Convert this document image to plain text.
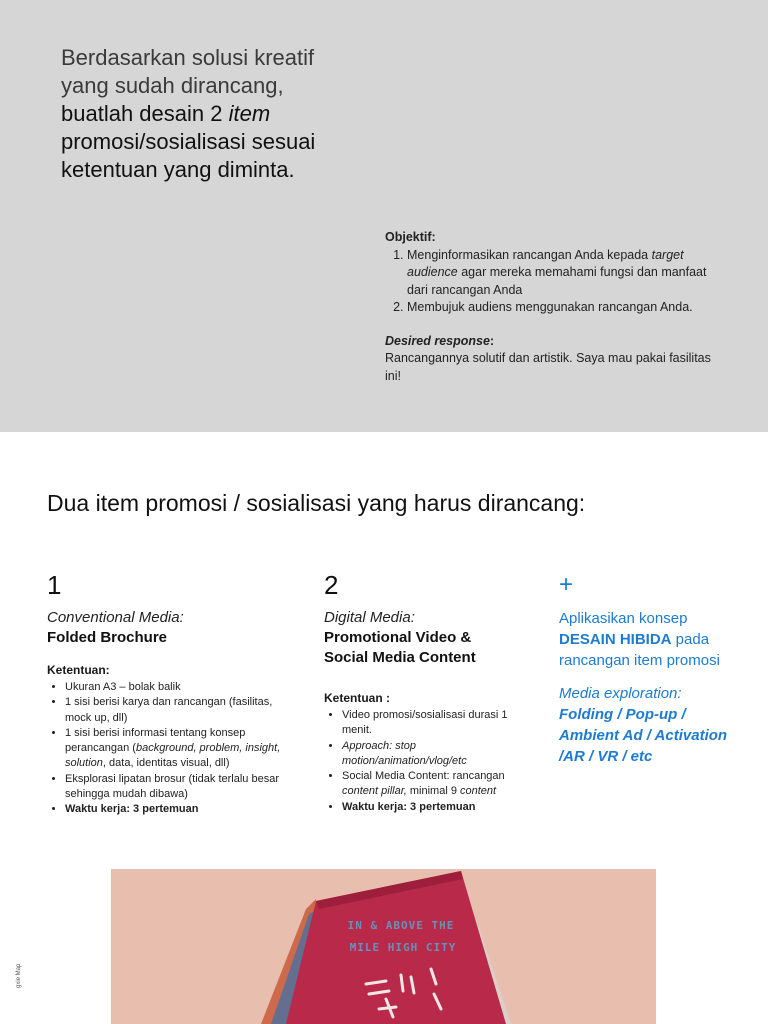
Berdasarkan solusi kreatif yang sudah dirancang,
buatlah desain 2 item
promosi/sosialisasi sesuai ketentuan yang diminta.
Objektif:
1. Menginformasikan rancangan Anda kepada target audience agar mereka memahami fungsi dan manfaat dari rancangan Anda
2. Membujuk audiens menggunakan rancangan Anda.
Desired response:
Rancangannya solutif dan artistik. Saya mau pakai fasilitas ini!
Dua item promosi / sosialisasi yang harus dirancang:
1
Conventional Media:
Folded Brochure
Ketentuan:
• Ukuran A3 – bolak balik
• 1 sisi berisi karya dan rancangan (fasilitas, mock up, dll)
• 1 sisi berisi informasi tentang konsep perancangan (background, problem, insight, solution, data, identitas visual, dll)
• Eksplorasi lipatan brosur (tidak terlalu besar sehingga mudah dibawa)
• Waktu kerja: 3 pertemuan
2
Digital Media:
Promotional Video &
Social Media Content
Ketentuan :
• Video promosi/sosialisasi durasi 1 menit.
• Approach: stop motion/animation/vlog/etc
• Social Media Content: rancangan content pillar, minimal 9 content
• Waktu kerja: 3 pertemuan
+
Aplikasikan konsep
DESAIN HIBIDA pada
rancangan item promosi
Media exploration:
Folding / Pop-up /
Ambient Ad / Activation
/AR / VR / etc
IN & ABOVE THE
MILE HIGH CITY
gxie Map
